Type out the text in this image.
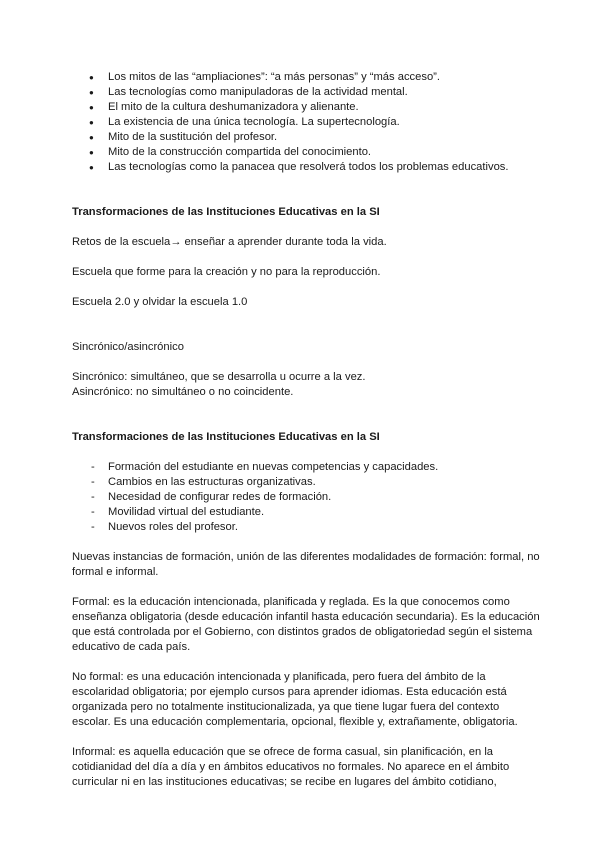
● Los mitos de las “ampliaciones”: “a más personas” y “más acceso”.
● Las tecnologías como manipuladoras de la actividad mental.
● El mito de la cultura deshumanizadora y alienante.
● La existencia de una única tecnología. La supertecnología.
● Mito de la sustitución del profesor.
● Mito de la construcción compartida del conocimiento.
● Las tecnologías como la panacea que resolverá todos los problemas educativos.
Transformaciones de las Instituciones Educativas en la SI

Retos de la escuela→ enseñar a aprender durante toda la vida.

Escuela que forme para la creación y no para la reproducción.

Escuela 2.0 y olvidar la escuela 1.0

Sincrónico/asincrónico

Sincrónico: simultáneo, que se desarrolla u ocurre a la vez.

Asincrónico: no simultáneo o no coincidente.

Transformaciones de las Instituciones Educativas en la SI
- Formación del estudiante en nuevas competencias y capacidades.
- Cambios en las estructuras organizativas.
- Necesidad de configurar redes de formación.
- Movilidad virtual del estudiante.
- Nuevos roles del profesor.

Nuevas instancias de formación, unión de las diferentes modalidades de formación: formal, no formal e informal.

Formal: es la educación intencionada, planificada y reglada. Es la que conocemos como enseñanza obligatoria (desde educación infantil hasta educación secundaria). Es la educación que está controlada por el Gobierno, con distintos grados de obligatoriedad según el sistema educativo de cada país.

No formal: es una educación intencionada y planificada, pero fuera del ámbito de la escolaridad obligatoria; por ejemplo cursos para aprender idiomas. Esta educación está organizada pero no totalmente institucionalizada, ya que tiene lugar fuera del contexto escolar. Es una educación complementaria, opcional, flexible y, extrañamente, obligatoria.

Informal: es aquella educación que se ofrece de forma casual, sin planificación, en la cotidianidad del día a día y en ámbitos educativos no formales. No aparece en el ámbito curricular ni en las instituciones educativas; se recibe en lugares del ámbito cotidiano,
